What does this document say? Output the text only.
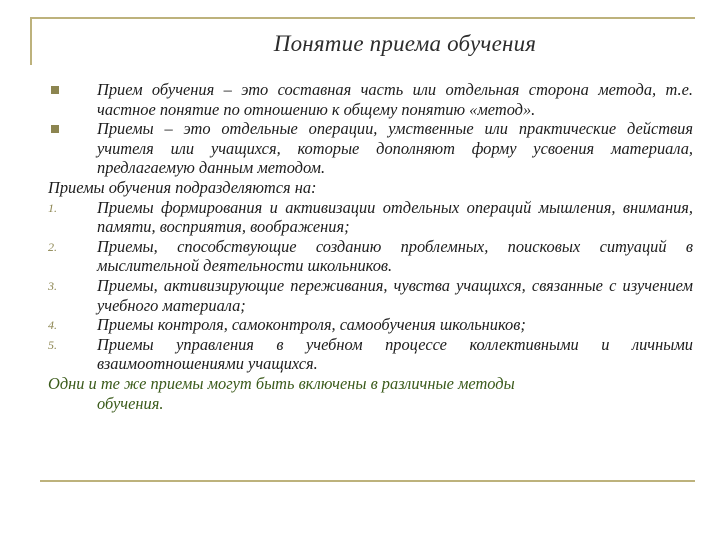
Понятие приема обучения
Прием обучения – это составная часть или отдельная сторона метода, т.е. частное понятие по отношению к общему понятию «метод».
Приемы – это отдельные операции, умственные или практические действия учителя или учащихся, которые дополняют форму усвоения материала, предлагаемую данным методом.
Приемы обучения подразделяются на:
1. Приемы формирования и активизации отдельных операций мышления, внимания, памяти, восприятия, воображения;
2. Приемы, способствующие созданию проблемных, поисковых ситуаций в мыслительной деятельности школьников.
3. Приемы, активизирующие переживания, чувства учащихся, связанные с изучением учебного материала;
4. Приемы контроля, самоконтроля, самообучения школьников;
5. Приемы управления в учебном процессе коллективными и личными взаимоотношениями учащихся.
Одни и те же приемы могут быть включены в различные методы
обучения.
